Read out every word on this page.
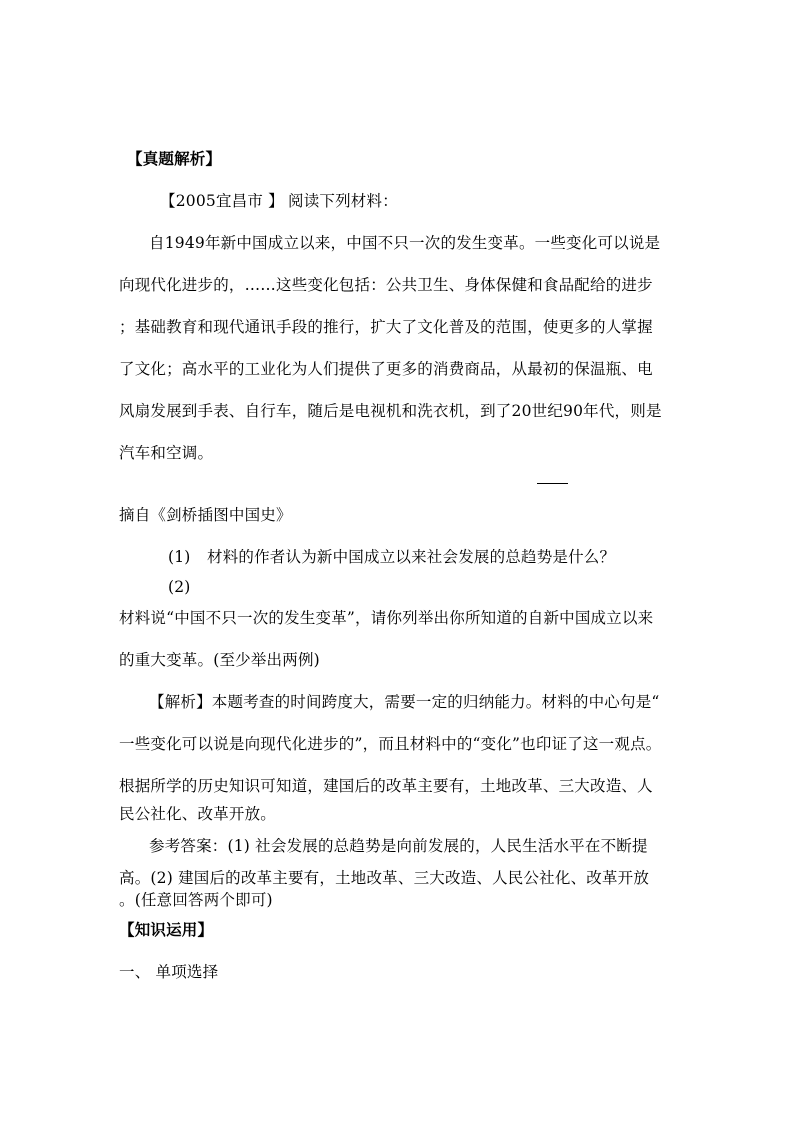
【真题解析】
【2005宜昌市 】 阅读下列材料：
自1949年新中国成立以来，中国不只一次的发生变革。一些变化可以说是
向现代化进步的，……这些变化包括：公共卫生、身体保健和食品配给的进步
；基础教育和现代通讯手段的推行，扩大了文化普及的范围，使更多的人掌握
了文化；高水平的工业化为人们提供了更多的消费商品，从最初的保温瓶、电
风扇发展到手表、自行车，随后是电视机和洗衣机，到了20世纪90年代，则是
汽车和空调。
摘自《剑桥插图中国史》
(1) 材料的作者认为新中国成立以来社会发展的总趋势是什么？
(2)
材料说“中国不只一次的发生变革”，请你列举出你所知道的自新中国成立以来
的重大变革。(至少举出两例)
【解析】本题考查的时间跨度大，需要一定的归纳能力。材料的中心句是“
一些变化可以说是向现代化进步的”，而且材料中的“变化”也印证了这一观点。
根据所学的历史知识可知道，建国后的改革主要有，土地改革、三大改造、人
民公社化、改革开放。
参考答案：(1) 社会发展的总趋势是向前发展的，人民生活水平在不断提
高。(2) 建国后的改革主要有，土地改革、三大改造、人民公社化、改革开放
。(任意回答两个即可)
【知识运用】
一、 单项选择
